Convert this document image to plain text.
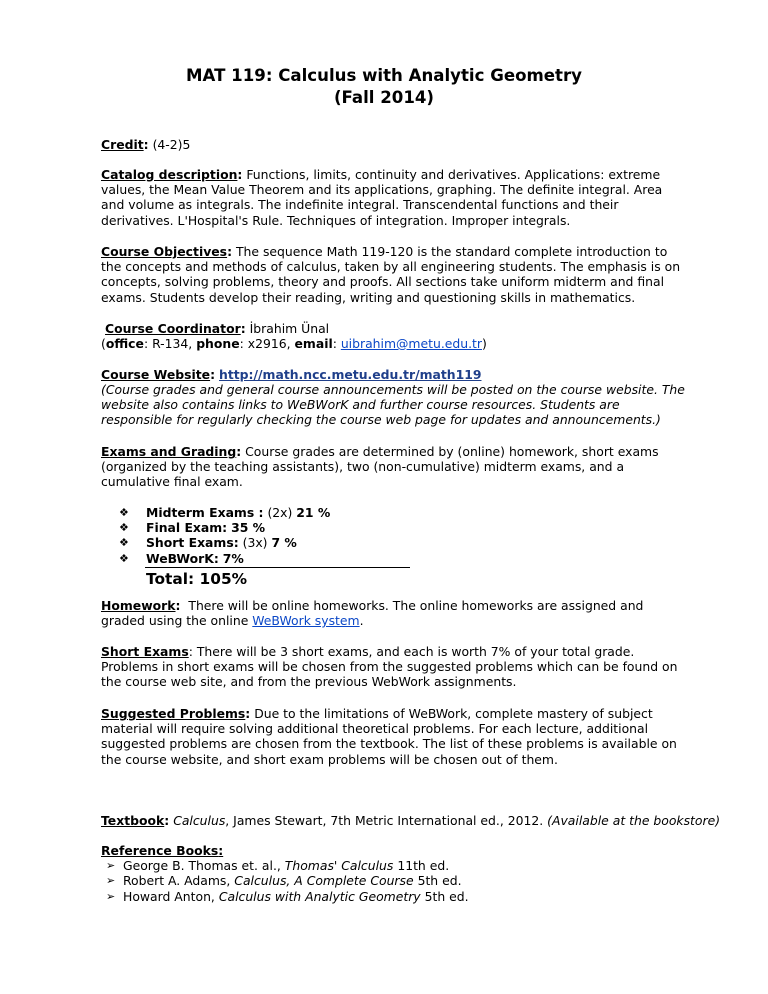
MAT 119: Calculus with Analytic Geometry
(Fall 2014)
Credit: (4-2)5
Catalog description: Functions, limits, continuity and derivatives. Applications: extreme values, the Mean Value Theorem and its applications, graphing. The definite integral. Area and volume as integrals. The indefinite integral. Transcendental functions and their derivatives. L'Hospital's Rule. Techniques of integration. Improper integrals.
Course Objectives: The sequence Math 119-120 is the standard complete introduction to the concepts and methods of calculus, taken by all engineering students. The emphasis is on concepts, solving problems, theory and proofs. All sections take uniform midterm and final exams. Students develop their reading, writing and questioning skills in mathematics.
Course Coordinator: İbrahim Ünal
(office: R-134, phone: x2916, email: uibrahim@metu.edu.tr)
Course Website: http://math.ncc.metu.edu.tr/math119
(Course grades and general course announcements will be posted on the course website. The website also contains links to WeBWorK and further course resources. Students are responsible for regularly checking the course web page for updates and announcements.)
Exams and Grading: Course grades are determined by (online) homework, short exams (organized by the teaching assistants), two (non-cumulative) midterm exams, and a cumulative final exam.
❖ Midterm Exams : (2x) 21 %
❖ Final Exam: 35 %
❖ Short Exams: (3x) 7 %
❖ WeBWorK: 7%
Total: 105%
Homework: There will be online homeworks. The online homeworks are assigned and graded using the online WeBWork system.
Short Exams: There will be 3 short exams, and each is worth 7% of your total grade. Problems in short exams will be chosen from the suggested problems which can be found on the course web site, and from the previous WebWork assignments.
Suggested Problems: Due to the limitations of WeBWork, complete mastery of subject material will require solving additional theoretical problems. For each lecture, additional suggested problems are chosen from the textbook. The list of these problems is available on the course website, and short exam problems will be chosen out of them.
Textbook: Calculus, James Stewart, 7th Metric International ed., 2012. (Available at the bookstore)
Reference Books:
➢ George B. Thomas et. al., Thomas' Calculus 11th ed.
➢ Robert A. Adams, Calculus, A Complete Course 5th ed.
➢ Howard Anton, Calculus with Analytic Geometry 5th ed.
